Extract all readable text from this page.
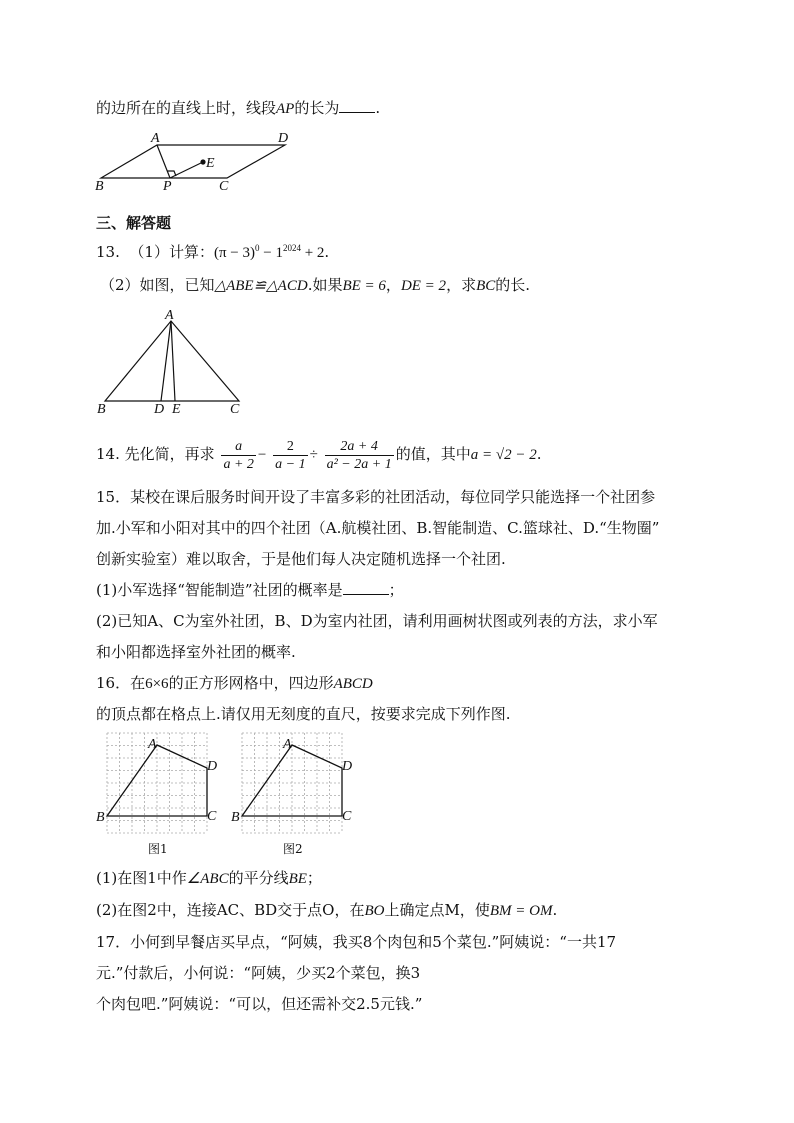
的边所在的直线上时，线段AP的长为 .
A	D
E
B	P	C
三、解答题
13. （1）计算：$(\pi - 3)^0 - 1^{2024} + 2$.
（2）如图，已知△ABE≌△ACD.如果BE = 6，DE = 2，求BC的长.
A
B	D E	C
14. 先化简，再求 $\frac{a}{a + 2} - \frac{2}{a - 1} \div \frac{2a + 4}{\text{a² − 2a + 1}}$ 的值，其中a = √2 − 2.
15．某校在课后服务时间开设了丰富多彩的社团活动，每位同学只能选择一个社团参
加.小军和小阳对其中的四个社团（A.航模社团、B.智能制造、C.篮球社、D.“生物圈”
创新实验室）难以取舍，于是他们每人决定随机选择一个社团.
(1)小军选择“智能制造”社团的概率是	；
(2)已知A、C为室外社团，B、D为室内社团，请利用画树状图或列表的方法，求小军
和小阳都选择室外社团的概率.
16．在6×6的正方形网格中，四边形ABCD
的顶点都在格点上.请仅用无刻度的直尺，按要求完成下列作图.
A
D
B	C
图1
A
D
B	C
图2
(1)在图1中作∠ABC的平分线BE；
(2)在图2中，连接AC、BD交于点O，在BO上确定点M，使BM = OM.
17．小何到早餐店买早点，“阿姨，我买8个肉包和5个菜包.”阿姨说：“一共17
元.”付款后，小何说：“阿姨，少买2个菜包，换3
个肉包吧.”阿姨说：“可以，但还需补交2.5元钱.”
